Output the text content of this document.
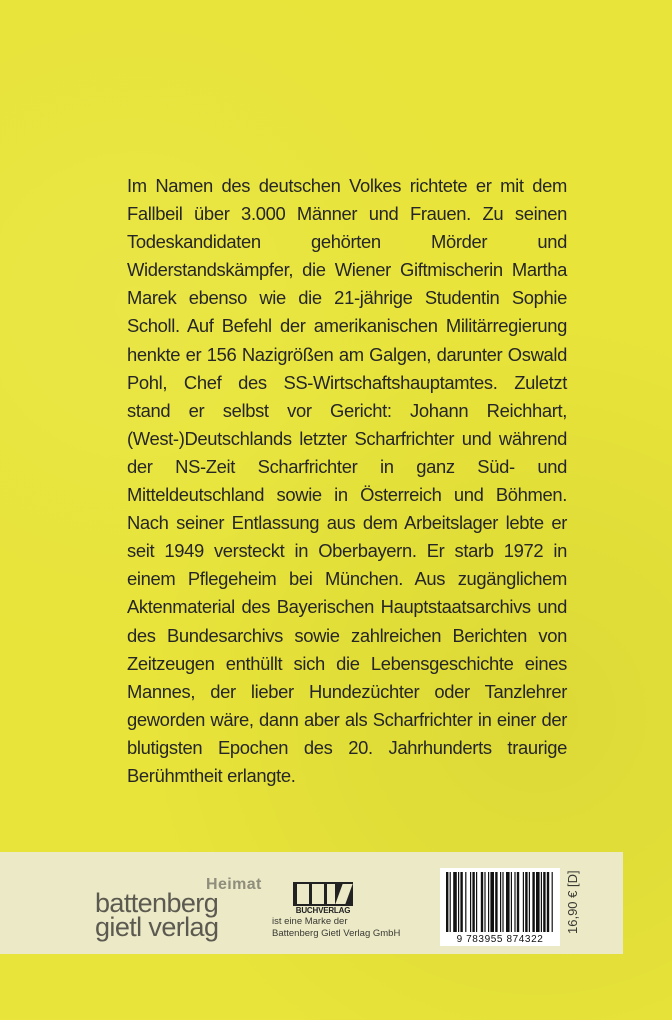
Im Namen des deutschen Volkes richtete er mit dem Fallbeil über 3.000 Männer und Frauen. Zu seinen Todeskandidaten gehörten Mörder und Widerstandskämpfer, die Wiener Giftmischerin Martha Marek ebenso wie die 21-jährige Studentin Sophie Scholl. Auf Befehl der amerikanischen Militärregierung henkte er 156 Nazigrößen am Galgen, darunter Oswald Pohl, Chef des SS-Wirtschaftshauptamtes. Zuletzt stand er selbst vor Gericht: Johann Reichhart, (West-)Deutschlands letzter Scharfrichter und während der NS-Zeit Scharfrichter in ganz Süd- und Mitteldeutschland sowie in Österreich und Böhmen. Nach seiner Entlassung aus dem Arbeitslager lebte er seit 1949 versteckt in Oberbayern. Er starb 1972 in einem Pflegeheim bei München. Aus zugänglichem Aktenmaterial des Bayerischen Hauptstaatsarchivs und des Bundesarchivs sowie zahlreichen Berichten von Zeitzeugen enthüllt sich die Lebensgeschichte eines Mannes, der lieber Hundezüchter oder Tanzlehrer geworden wäre, dann aber als Scharfrichter in einer der blutigsten Epochen des 20. Jahrhunderts traurige Berühmtheit erlangte.

Heimat
battenberg
gietl verlag
BUCHVERLAG
ist eine Marke der
Battenberg Gietl Verlag GmbH
9 783955 874322
16,90 € [D]
